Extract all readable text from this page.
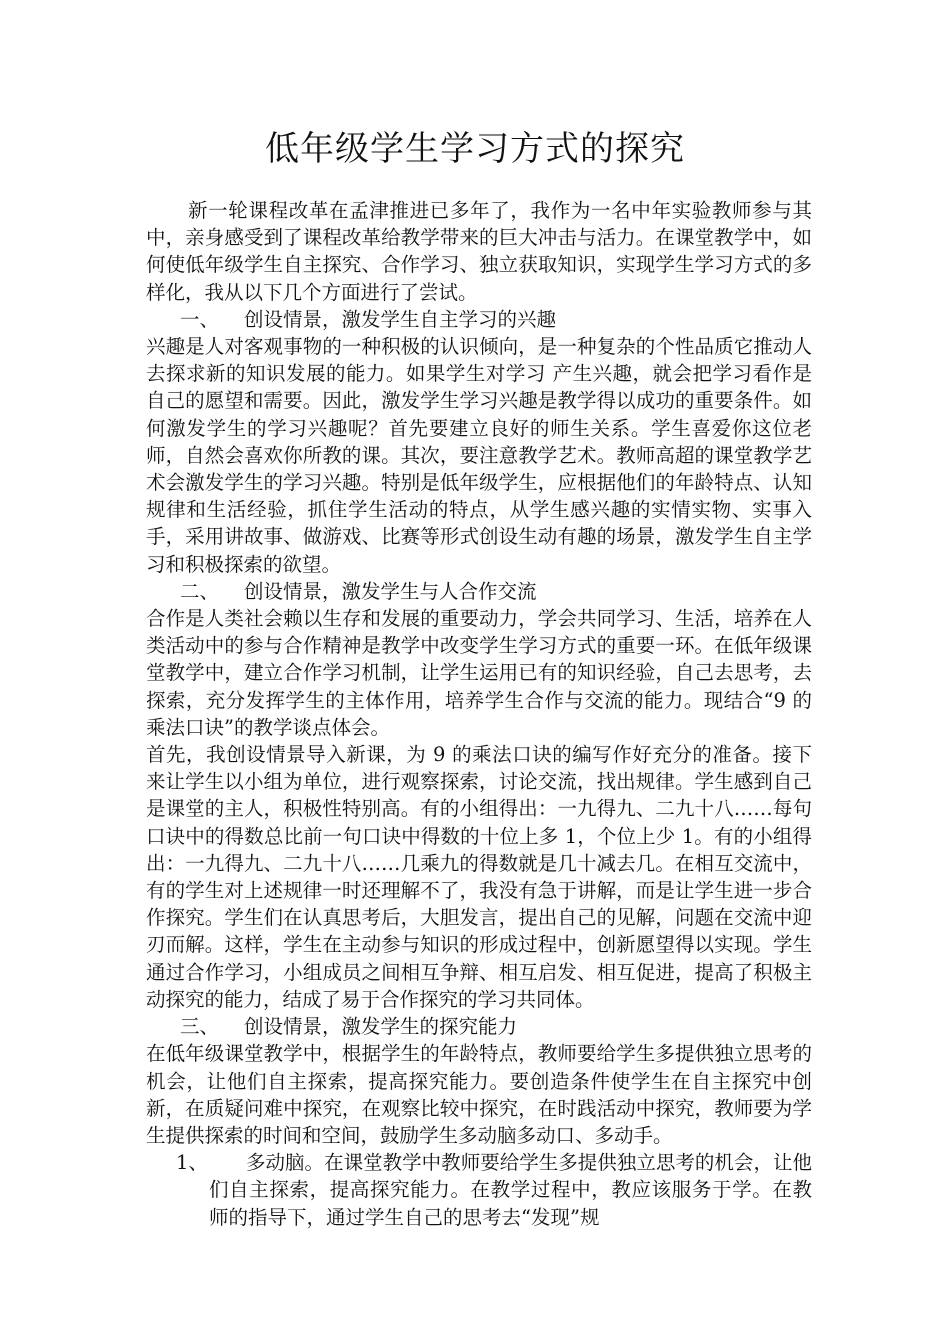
低年级学生学习方式的探究

新一轮课程改革在孟津推进已多年了，我作为一名中年实验教师参与其中，亲身感受到了课程改革给教学带来的巨大冲击与活力。在课堂教学中，如何使低年级学生自主探究、合作学习、独立获取知识，实现学生学习方式的多样化，我从以下几个方面进行了尝试。

一、 创设情景，激发学生自主学习的兴趣

兴趣是人对客观事物的一种积极的认识倾向，是一种复杂的个性品质它推动人去探求新的知识发展的能力。如果学生对学习 产生兴趣，就会把学习看作是自己的愿望和需要。因此，激发学生学习兴趣是教学得以成功的重要条件。如何激发学生的学习兴趣呢？首先要建立良好的师生关系。学生喜爱你这位老师，自然会喜欢你所教的课。其次，要注意教学艺术。教师高超的课堂教学艺术会激发学生的学习兴趣。特别是低年级学生，应根据他们的年龄特点、认知规律和生活经验，抓住学生活动的特点，从学生感兴趣的实情实物、实事入手，采用讲故事、做游戏、比赛等形式创设生动有趣的场景，激发学生自主学习和积极探索的欲望。

二、 创设情景，激发学生与人合作交流

合作是人类社会赖以生存和发展的重要动力，学会共同学习、生活，培养在人类活动中的参与合作精神是教学中改变学生学习方式的重要一环。在低年级课堂教学中，建立合作学习机制，让学生运用已有的知识经验，自己去思考，去探索，充分发挥学生的主体作用，培养学生合作与交流的能力。现结合“9 的乘法口诀”的教学谈点体会。

首先，我创设情景导入新课，为 9 的乘法口诀的编写作好充分的准备。接下来让学生以小组为单位，进行观察探索，讨论交流，找出规律。学生感到自己是课堂的主人，积极性特别高。有的小组得出：一九得九、二九十八……每句口诀中的得数总比前一句口诀中得数的十位上多 1，个位上少 1。有的小组得出：一九得九、二九十八……几乘九的得数就是几十减去几。在相互交流中，有的学生对上述规律一时还理解不了，我没有急于讲解，而是让学生进一步合作探究。学生们在认真思考后，大胆发言，提出自己的见解，问题在交流中迎刃而解。这样，学生在主动参与知识的形成过程中，创新愿望得以实现。学生通过合作学习，小组成员之间相互争辩、相互启发、相互促进，提高了积极主动探究的能力，结成了易于合作探究的学习共同体。

三、 创设情景，激发学生的探究能力

在低年级课堂教学中，根据学生的年龄特点，教师要给学生多提供独立思考的机会，让他们自主探索，提高探究能力。要创造条件使学生在自主探究中创新，在质疑问难中探究，在观察比较中探究，在时践活动中探究，教师要为学生提供探索的时间和空间，鼓励学生多动脑多动口、多动手。

1、	多动脑。在课堂教学中教师要给学生多提供独立思考的机会，让他们自主探索，提高探究能力。在教学过程中，教应该服务于学。在教师的指导下，通过学生自己的思考去“发现”规
